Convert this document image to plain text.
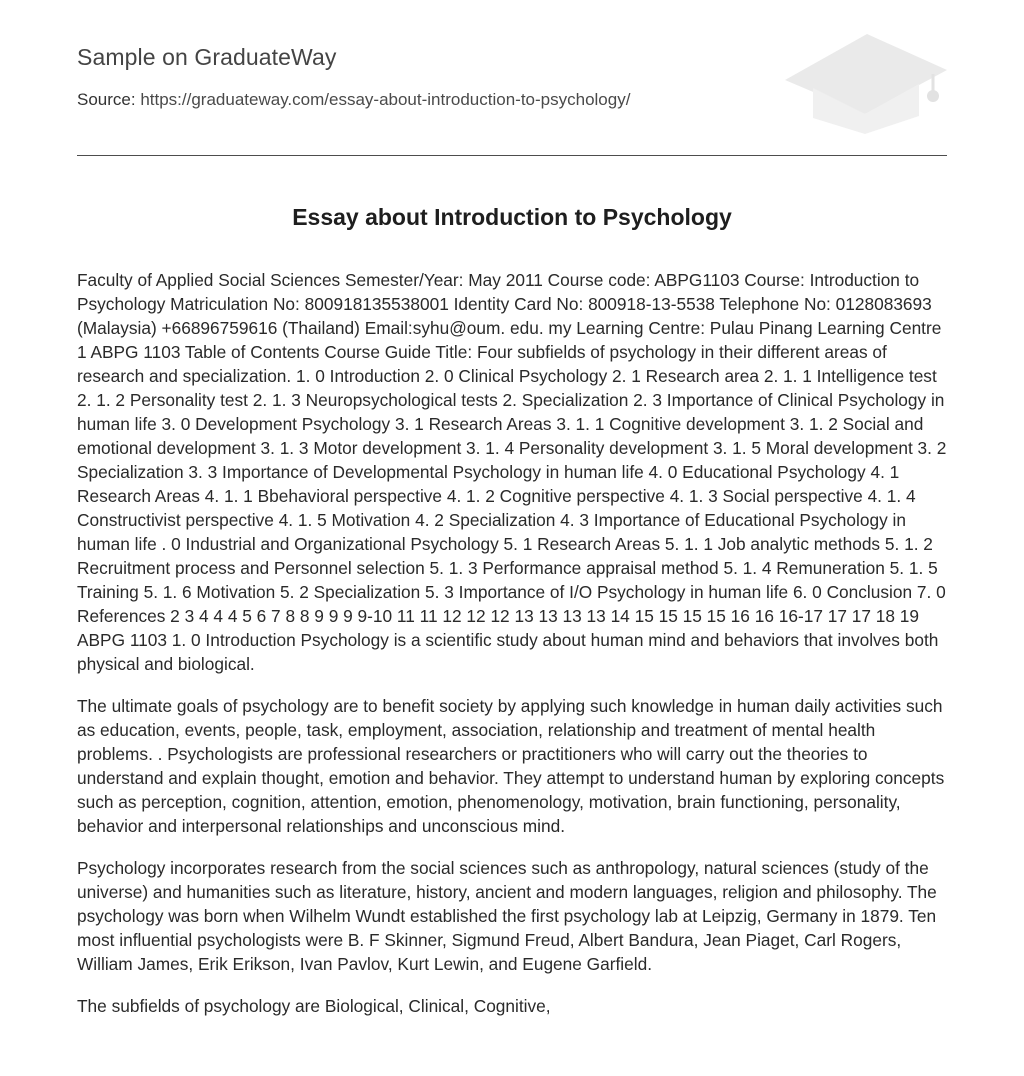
Sample on GraduateWay
Source: https://graduateway.com/essay-about-introduction-to-psychology/
Essay about Introduction to Psychology

Faculty of Applied Social Sciences Semester/Year: May 2011 Course code: ABPG1103 Course: Introduction to Psychology Matriculation No: 800918135538001 Identity Card No: 800918-13-5538 Telephone No: 0128083693 (Malaysia) +66896759616 (Thailand) Email:syhu@oum. edu. my Learning Centre: Pulau Pinang Learning Centre 1 ABPG 1103 Table of Contents Course Guide Title: Four subfields of psychology in their different areas of research and specialization. 1. 0 Introduction 2. 0 Clinical Psychology 2. 1 Research area 2. 1. 1 Intelligence test 2. 1. 2 Personality test 2. 1. 3 Neuropsychological tests 2. Specialization 2. 3 Importance of Clinical Psychology in human life 3. 0 Development Psychology 3. 1 Research Areas 3. 1. 1 Cognitive development 3. 1. 2 Social and emotional development 3. 1. 3 Motor development 3. 1. 4 Personality development 3. 1. 5 Moral development 3. 2 Specialization 3. 3 Importance of Developmental Psychology in human life 4. 0 Educational Psychology 4. 1 Research Areas 4. 1. 1 Bbehavioral perspective 4. 1. 2 Cognitive perspective 4. 1. 3 Social perspective 4. 1. 4 Constructivist perspective 4. 1. 5 Motivation 4. 2 Specialization 4. 3 Importance of Educational Psychology in human life . 0 Industrial and Organizational Psychology 5. 1 Research Areas 5. 1. 1 Job analytic methods 5. 1. 2 Recruitment process and Personnel selection 5. 1. 3 Performance appraisal method 5. 1. 4 Remuneration 5. 1. 5 Training 5. 1. 6 Motivation 5. 2 Specialization 5. 3 Importance of I/O Psychology in human life 6. 0 Conclusion 7. 0 References 2 3 4 4 4 5 6 7 8 8 9 9 9 9-10 11 11 12 12 12 13 13 13 13 14 15 15 15 15 16 16 16-17 17 17 18 19 ABPG 1103 1. 0 Introduction Psychology is a scientific study about human mind and behaviors that involves both physical and biological.

The ultimate goals of psychology are to benefit society by applying such knowledge in human daily activities such as education, events, people, task, employment, association, relationship and treatment of mental health problems. . Psychologists are professional researchers or practitioners who will carry out the theories to understand and explain thought, emotion and behavior. They attempt to understand human by exploring concepts such as perception, cognition, attention, emotion, phenomenology, motivation, brain functioning, personality, behavior and interpersonal relationships and unconscious mind.

Psychology incorporates research from the social sciences such as anthropology, natural sciences (study of the universe) and humanities such as literature, history, ancient and modern languages, religion and philosophy. The psychology was born when Wilhelm Wundt established the first psychology lab at Leipzig, Germany in 1879. Ten most influential psychologists were B. F Skinner, Sigmund Freud, Albert Bandura, Jean Piaget, Carl Rogers, William James, Erik Erikson, Ivan Pavlov, Kurt Lewin, and Eugene Garfield.

The subfields of psychology are Biological, Clinical, Cognitive,
